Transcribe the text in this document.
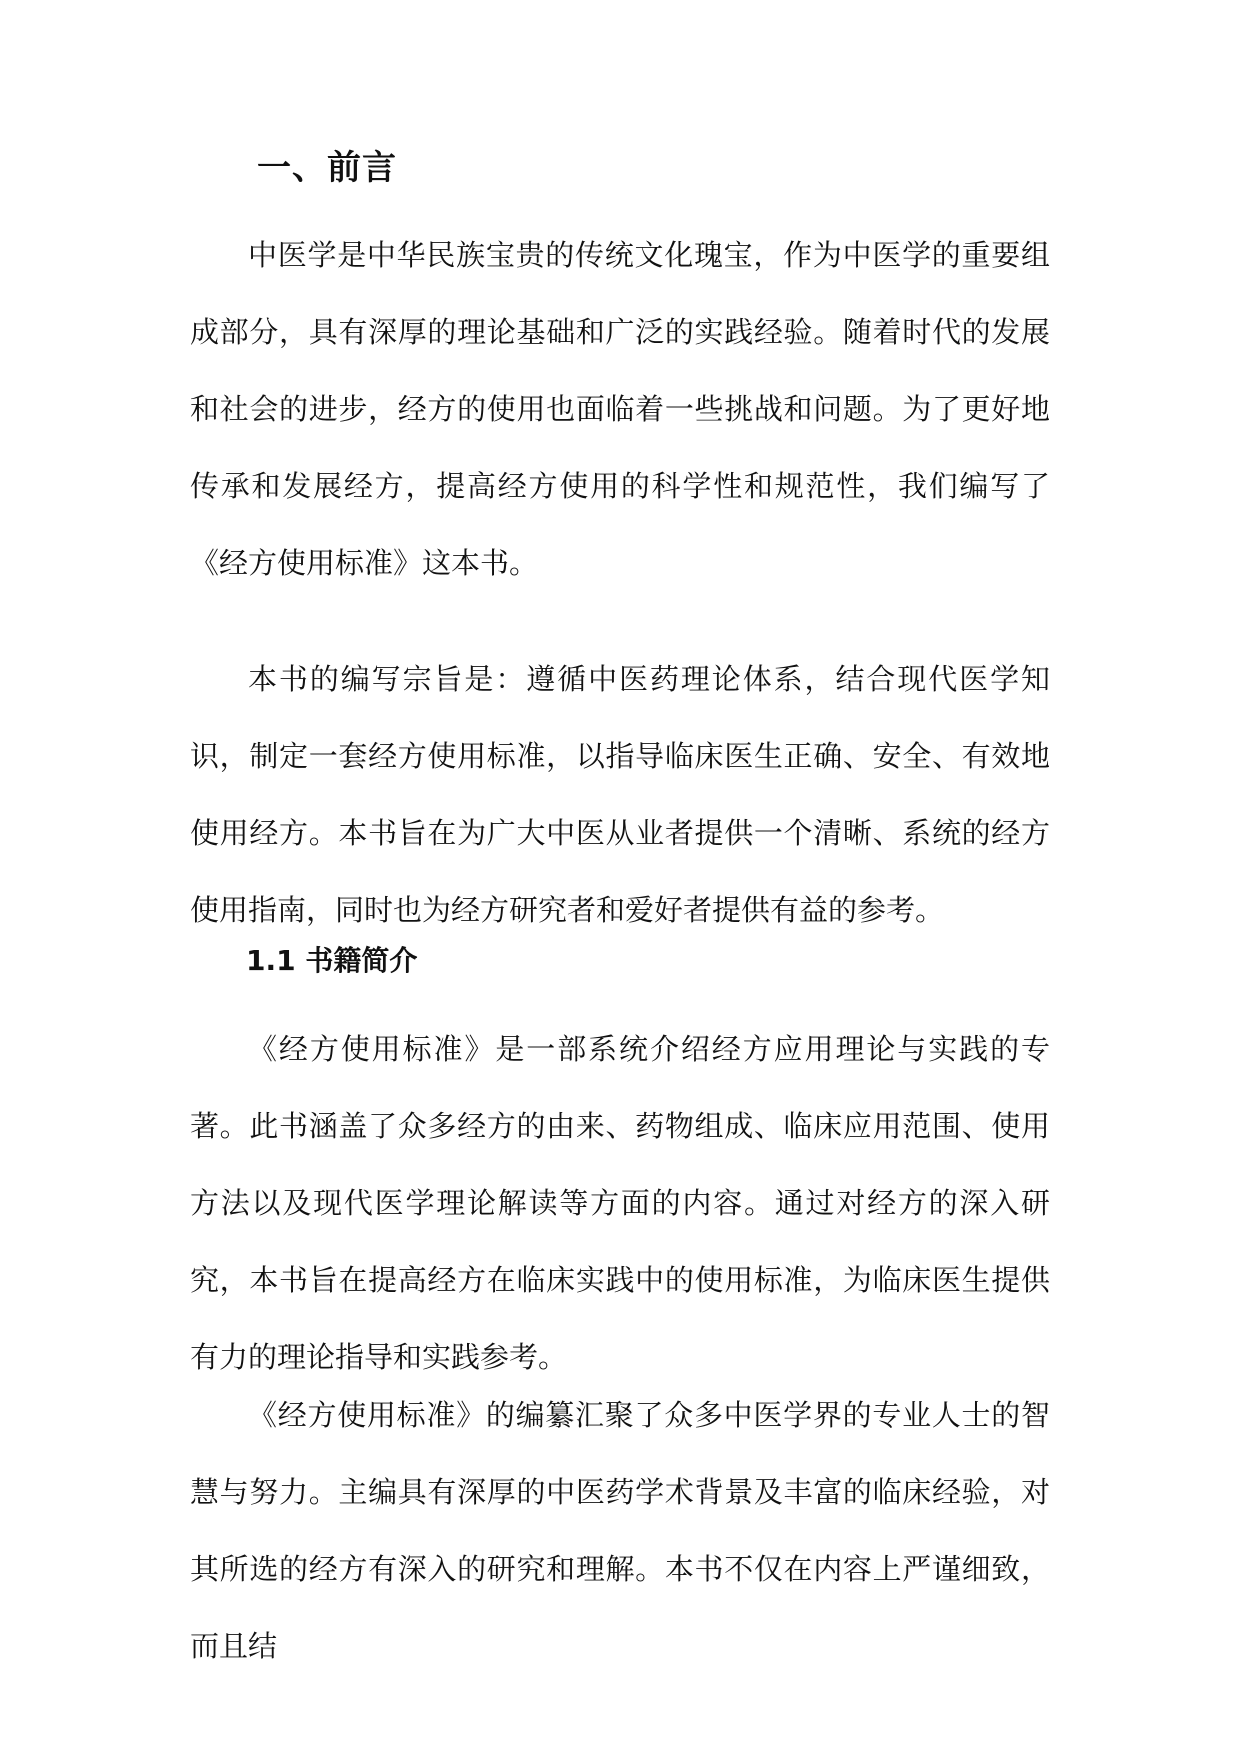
一、前言

中医学是中华民族宝贵的传统文化瑰宝，作为中医学的重要组成部分，具有深厚的理论基础和广泛的实践经验。随着时代的发展和社会的进步，经方的使用也面临着一些挑战和问题。为了更好地传承和发展经方，提高经方使用的科学性和规范性，我们编写了《经方使用标准》这本书。

本书的编写宗旨是：遵循中医药理论体系，结合现代医学知识，制定一套经方使用标准，以指导临床医生正确、安全、有效地使用经方。本书旨在为广大中医从业者提供一个清晰、系统的经方使用指南，同时也为经方研究者和爱好者提供有益的参考。

1.1 书籍简介

《经方使用标准》是一部系统介绍经方应用理论与实践的专著。此书涵盖了众多经方的由来、药物组成、临床应用范围、使用方法以及现代医学理论解读等方面的内容。通过对经方的深入研究，本书旨在提高经方在临床实践中的使用标准，为临床医生提供有力的理论指导和实践参考。

《经方使用标准》的编纂汇聚了众多中医学界的专业人士的智慧与努力。主编具有深厚的中医药学术背景及丰富的临床经验，对其所选的经方有深入的研究和理解。本书不仅在内容上严谨细致，而且结
